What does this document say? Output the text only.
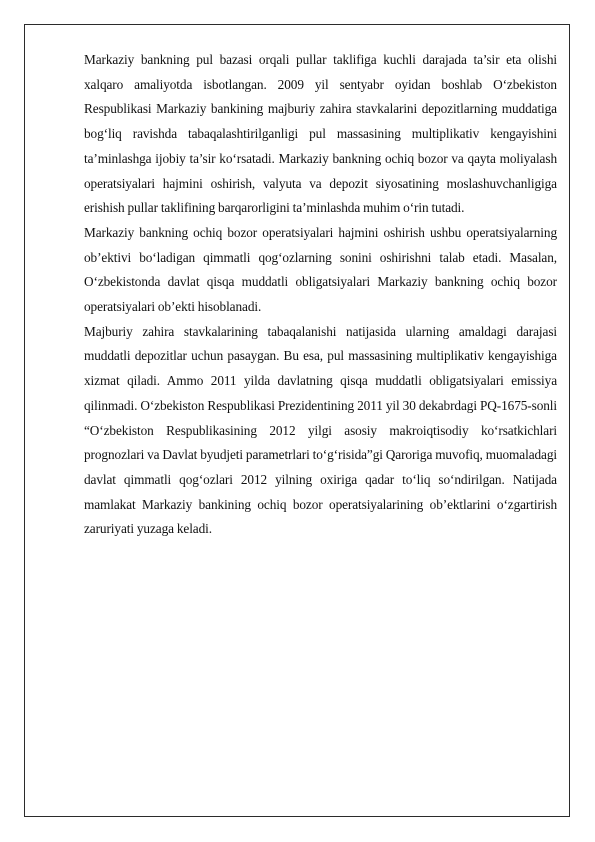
Markaziy bankning pul bazasi orqali pullar taklifiga kuchli darajada ta’sir eta olishi xalqaro amaliyotda isbotlangan. 2009 yil sentyabr oyidan boshlab O‘zbekiston Respublikasi Markaziy bankining majburiy zahira stavkalarini depozitlarning muddatiga bog‘liq ravishda tabaqalashtirilganligi pul massasining multiplikativ kengayishini ta’minlashga ijobiy ta’sir ko‘rsatadi. Markaziy bankning ochiq bozor va qayta moliyalash operatsiyalari hajmini oshirish, valyuta va depozit siyosatining moslashuvchanligiga erishish pullar taklifining barqarorligini ta’minlashda muhim o‘rin tutadi.

Markaziy bankning ochiq bozor operatsiyalari hajmini oshirish ushbu operatsiyalarning ob’ektivi bo‘ladigan qimmatli qog‘ozlarning sonini oshirishni talab etadi. Masalan, O‘zbekistonda davlat qisqa muddatli obligatsiyalari Markaziy bankning ochiq bozor operatsiyalari ob’ekti hisoblanadi.

Majburiy zahira stavkalarining tabaqalanishi natijasida ularning amaldagi darajasi muddatli depozitlar uchun pasaygan. Bu esa, pul massasining multiplikativ kengayishiga xizmat qiladi. Ammo 2011 yilda davlatning qisqa muddatli obligatsiyalari emissiya qilinmadi. O‘zbekiston Respublikasi Prezidentining 2011 yil 30 dekabrdagi PQ-1675-sonli “O‘zbekiston Respublikasining 2012 yilgi asosiy makroiqtisodiy ko‘rsatkichlari prognozlari va Davlat byudjeti parametrlari to‘g‘risida”gi Qaroriga muvofiq, muomaladagi davlat qimmatli qog‘ozlari 2012 yilning oxiriga qadar to‘liq so‘ndirilgan. Natijada mamlakat Markaziy bankining ochiq bozor operatsiyalarining ob’ektlarini o‘zgartirish zaruriyati yuzaga keladi.
